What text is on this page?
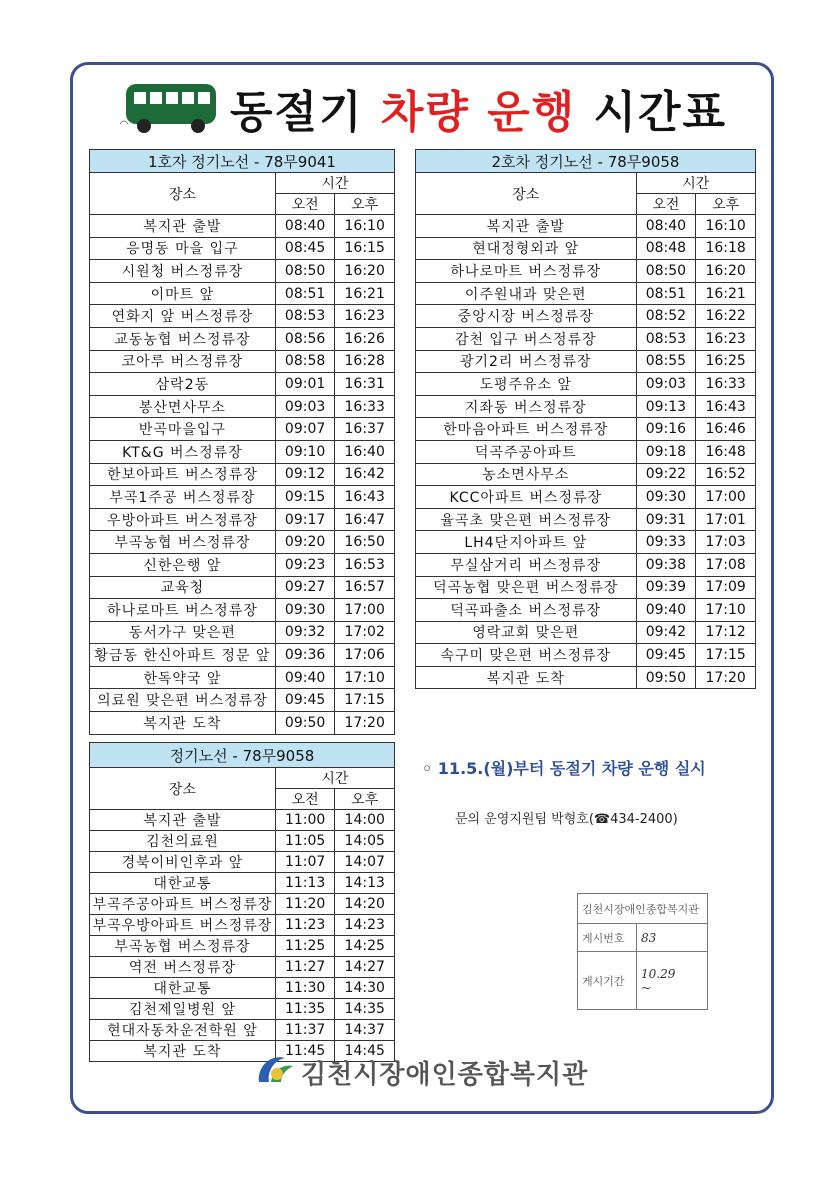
동절기 차량 운행 시간표
1호자 정기노선 - 78무9041		
장소	시간	
	오전	오후
복지관 출발	08:40	16:10
응명동 마을 입구	08:45	16:15
시원청 버스정류장	08:50	16:20
이마트 앞	08:51	16:21
연화지 앞 버스정류장	08:53	16:23
교동농협 버스정류장	08:56	16:26
코아루 버스정류장	08:58	16:28
삼락2동	09:01	16:31
봉산면사무소	09:03	16:33
반곡마을입구	09:07	16:37
KT&G 버스정류장	09:10	16:40
한보아파트 버스정류장	09:12	16:42
부곡1주공 버스정류장	09:15	16:43
우방아파트 버스정류장	09:17	16:47
부곡농협 버스정류장	09:20	16:50
신한은행 앞	09:23	16:53
교육청	09:27	16:57
하나로마트 버스정류장	09:30	17:00
동서가구 맞은편	09:32	17:02
황금동 한신아파트 정문 앞	09:36	17:06
한독약국 앞	09:40	17:10
의료원 맞은편 버스정류장	09:45	17:15
복지관 도착	09:50	17:20
2호차 정기노선 - 78무9058		
장소	시간	
	오전	오후
복지관 출발	08:40	16:10
현대정형외과 앞	08:48	16:18
하나로마트 버스정류장	08:50	16:20
이주원내과 맞은편	08:51	16:21
중앙시장 버스정류장	08:52	16:22
감천 입구 버스정류장	08:53	16:23
광기2리 버스정류장	08:55	16:25
도평주유소 앞	09:03	16:33
지좌동 버스정류장	09:13	16:43
한마음아파트 버스정류장	09:16	16:46
덕곡주공아파트	09:18	16:48
농소면사무소	09:22	16:52
KCC아파트 버스정류장	09:30	17:00
율곡초 맞은편 버스정류장	09:31	17:01
LH4단지아파트 앞	09:33	17:03
무실삼거리 버스정류장	09:38	17:08
덕곡농협 맞은편 버스정류장	09:39	17:09
덕곡파출소 버스정류장	09:40	17:10
영락교회 맞은편	09:42	17:12
속구미 맞은편 버스정류장	09:45	17:15
복지관 도착	09:50	17:20
정기노선 - 78무9058		
장소	시간	
	오전	오후
복지관 출발	11:00	14:00
김천의료원	11:05	14:05
경북이비인후과 앞	11:07	14:07
대한교통	11:13	14:13
부곡주공아파트 버스정류장	11:20	14:20
부곡우방아파트 버스정류장	11:23	14:23
부곡농협 버스정류장	11:25	14:25
역전 버스정류장	11:27	14:27
대한교통	11:30	14:30
김천제일병원 앞	11:35	14:35
현대자동차운전학원 앞	11:37	14:37
복지관 도착	11:45	14:45
◦ 11.5.(월)부터 동절기 차량 운행 실시
문의 운영지원팀 박형호(☎434-2400)
김천시장애인종합복지관	
게시번호	83
게시기간	10.29
~
김천시장애인종합복지관
